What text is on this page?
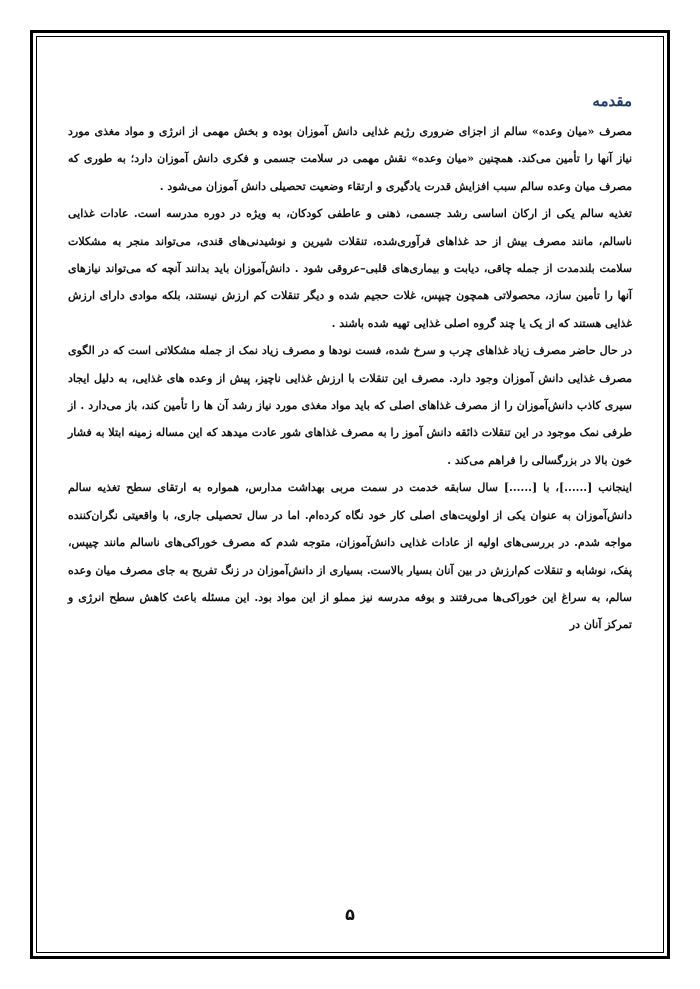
مقدمه

مصرف «میان وعده» سالم از اجزای ضروری رژیم غذایی دانش آموزان بوده و بخش مهمی از انرژی و مواد مغذی مورد نیاز آنها را تأمین می‌کند. همچنین «میان وعده» نقش مهمی در سلامت جسمی و فکری دانش آموزان دارد؛ به طوری که مصرف میان وعده سالم سبب افزایش قدرت یادگیری و ارتقاء وضعیت تحصیلی دانش آموزان می‌شود .

تغذیه سالم یکی از ارکان اساسی رشد جسمی، ذهنی و عاطفی کودکان، به ویژه در دوره مدرسه است. عادات غذایی ناسالم، مانند مصرف بیش از حد غذاهای فرآوری‌شده، تنقلات شیرین و نوشیدنی‌های قندی، می‌تواند منجر به مشکلات سلامت بلندمدت از جمله چاقی، دیابت و بیماری‌های قلبی–عروقی شود . دانش‌آموزان باید بدانند آنچه که می‌تواند نیازهای آنها را تأمین سازد، محصولاتی همچون چیپس، غلات حجیم شده و دیگر تنقلات کم ارزش نیستند، بلکه موادی دارای ارزش غذایی هستند که از یک یا چند گروه اصلی غذایی تهیه شده باشند .

در حال حاضر مصرف زیاد غذاهای چرب و سرخ شده، فست نودها و مصرف زیاد نمک از جمله مشکلاتی است که در الگوی مصرف غذایی دانش آموزان وجود دارد. مصرف این تنقلات با ارزش غذایی ناچیز، پیش از وعده های غذایی، به دلیل ایجاد سیری کاذب دانش‌آموزان را از مصرف غذاهای اصلی که باید مواد مغذی مورد نیاز رشد آن ها را تأمین کند، باز می‌دارد . از طرفی نمک موجود در این تنقلات ذائقه دانش آموز را به مصرف غذاهای شور عادت میدهد که این مساله زمینه ابتلا به فشار خون بالا در بزرگسالی را فراهم می‌کند .

اینجانب [......]، با [......] سال سابقه خدمت در سمت مربی بهداشت مدارس، همواره به ارتقای سطح تغذیه سالم دانش‌آموزان به عنوان یکی از اولویت‌های اصلی کار خود نگاه کرده‌ام. اما در سال تحصیلی جاری، با واقعیتی نگران‌کننده مواجه شدم. در بررسی‌های اولیه از عادات غذایی دانش‌آموزان، متوجه شدم که مصرف خوراکی‌های ناسالم مانند چیپس، پفک، نوشابه و تنقلات کم‌ارزش در بین آنان بسیار بالاست. بسیاری از دانش‌آموزان در زنگ تفریح به جای مصرف میان وعده سالم، به سراغ این خوراکی‌ها می‌رفتند و بوفه مدرسه نیز مملو از این مواد بود. این مسئله باعث کاهش سطح انرژی و تمرکز آنان در

۵
